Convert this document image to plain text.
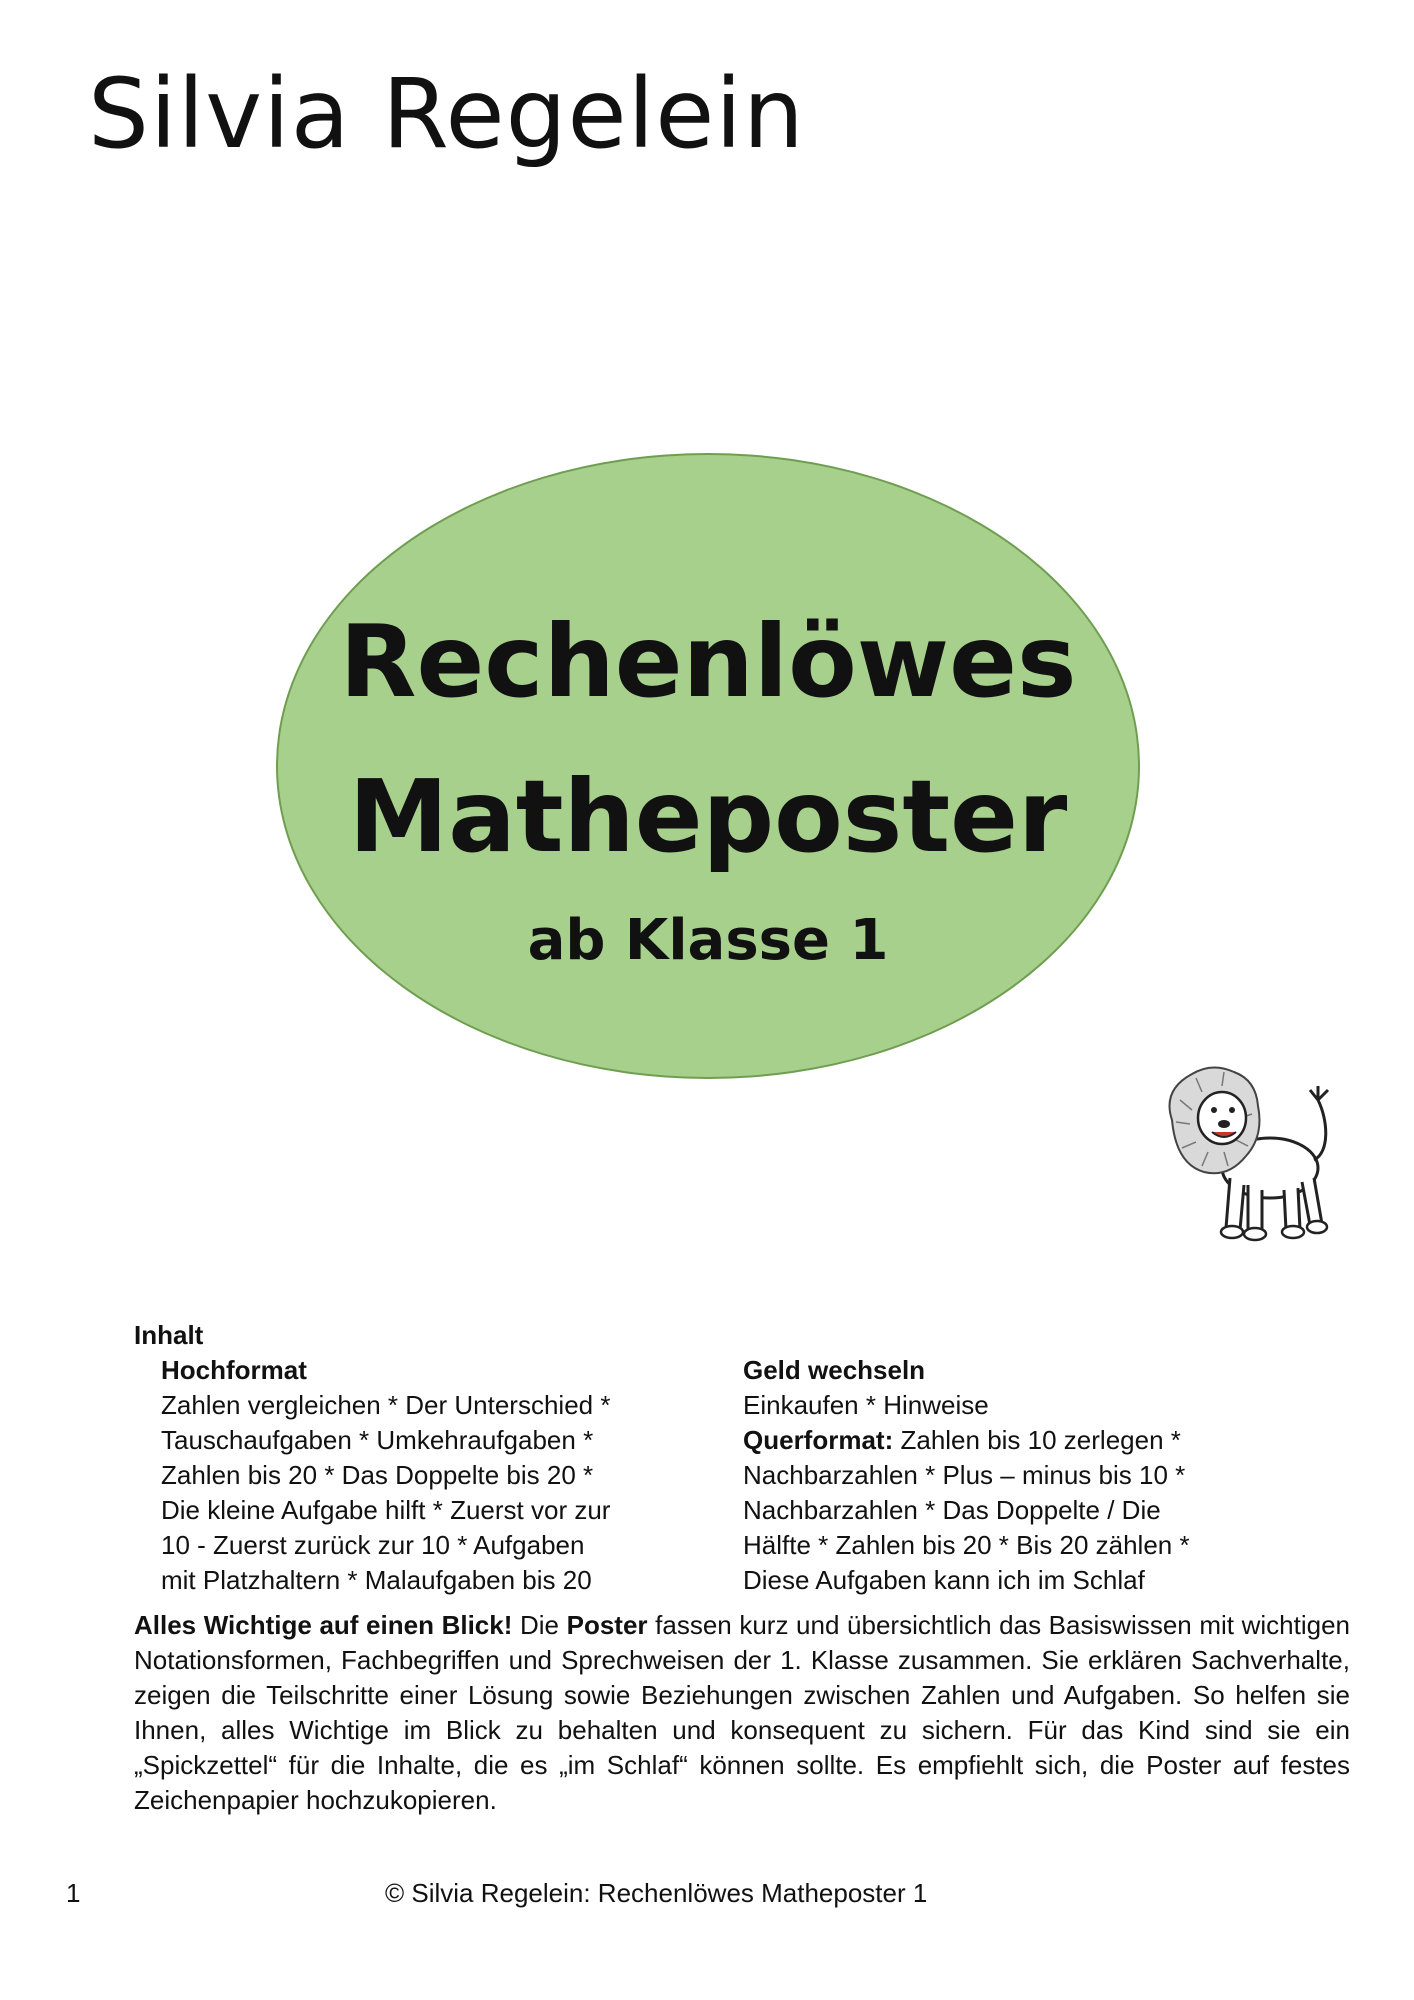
Silvia Regelein
Rechenlöwes
Matheposter
ab Klasse 1
Inhalt
Hochformat
Zahlen vergleichen * Der Unterschied *
Tauschaufgaben * Umkehraufgaben *
Zahlen bis 20 * Das Doppelte bis 20 *
Die kleine Aufgabe hilft * Zuerst vor zur
10 - Zuerst zurück zur 10 * Aufgaben
mit Platzhaltern * Malaufgaben bis 20
Geld wechseln
Einkaufen * Hinweise
Querformat: Zahlen bis 10 zerlegen *
Nachbarzahlen * Plus – minus bis 10 *
Nachbarzahlen * Das Doppelte / Die
Hälfte * Zahlen bis 20 * Bis 20 zählen *
Diese Aufgaben kann ich im Schlaf
Alles Wichtige auf einen Blick! Die Poster fassen kurz und übersichtlich das Basiswissen mit wichtigen Notationsformen, Fachbegriffen und Sprechweisen der 1. Klasse zusammen. Sie erklären Sachverhalte, zeigen die Teilschritte einer Lösung sowie Beziehungen zwischen Zahlen und Aufgaben. So helfen sie Ihnen, alles Wichtige im Blick zu behalten und konsequent zu sichern. Für das Kind sind sie ein „Spickzettel“ für die Inhalte, die es „im Schlaf“ können sollte. Es empfiehlt sich, die Poster auf festes Zeichenpapier hochzukopieren.
1	© Silvia Regelein: Rechenlöwes Matheposter 1
